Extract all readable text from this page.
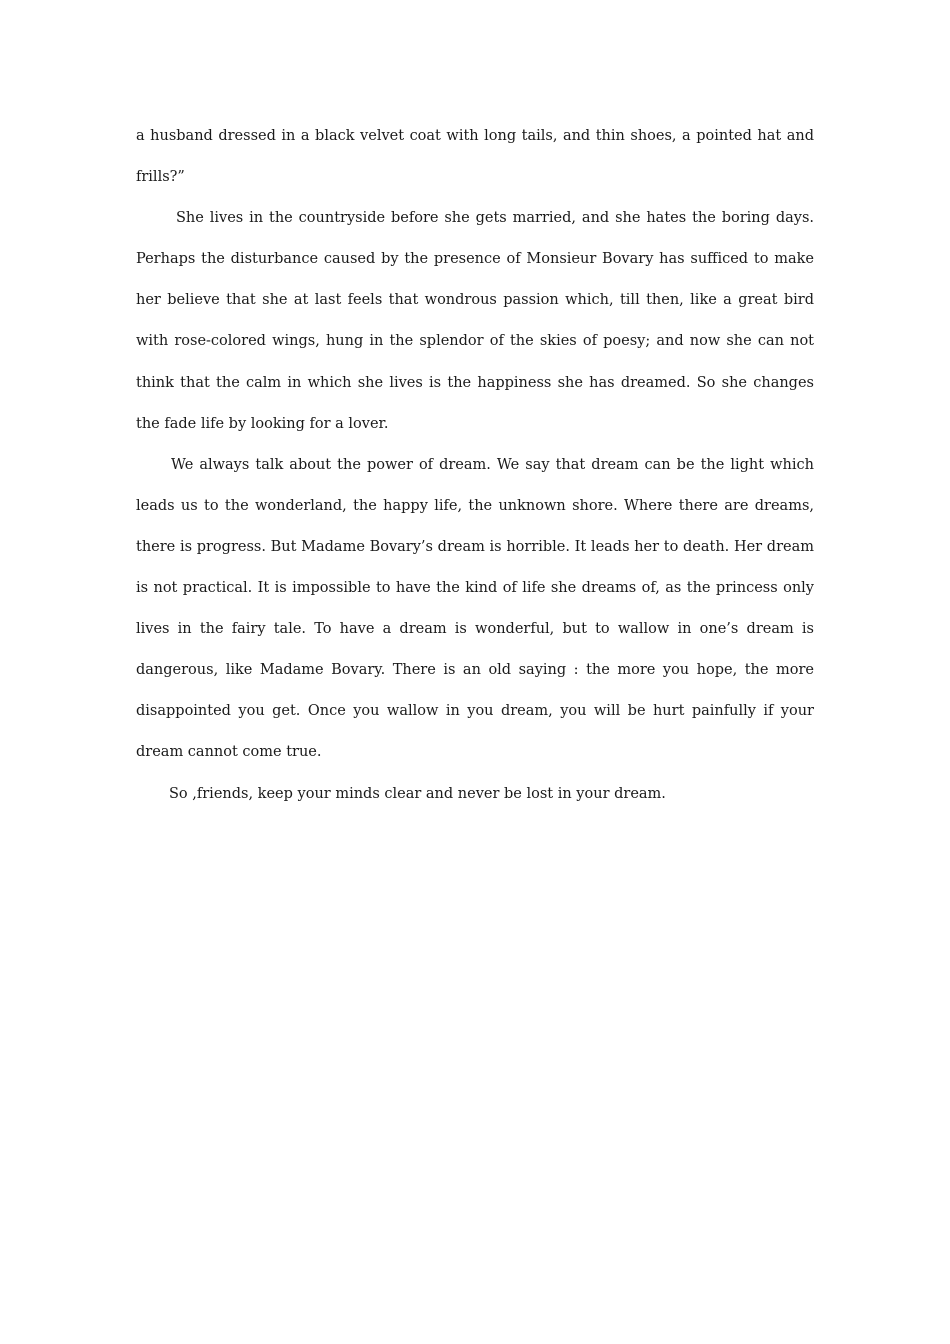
a husband dressed in a black velvet coat with long tails, and thin shoes, a pointed hat and frills?”

She lives in the countryside before she gets married, and she hates the boring days. Perhaps the disturbance caused by the presence of Monsieur Bovary has sufficed to make her believe that she at last feels that wondrous passion which, till then, like a great bird with rose-colored wings, hung in the splendor of the skies of poesy; and now she can not think that the calm in which she lives is the happiness she has dreamed. So she changes the fade life by looking for a lover.

We always talk about the power of dream. We say that dream can be the light which leads us to the wonderland, the happy life, the unknown shore. Where there are dreams, there is progress. But Madame Bovary’s dream is horrible. It leads her to death. Her dream is not practical. It is impossible to have the kind of life she dreams of, as the princess only lives in the fairy tale. To have a dream is wonderful, but to wallow in one’s dream is dangerous, like Madame Bovary. There is an old saying : the more you hope, the more disappointed you get. Once you wallow in you dream, you will be hurt painfully if your dream cannot come true.

So ,friends, keep your minds clear and never be lost in your dream.
